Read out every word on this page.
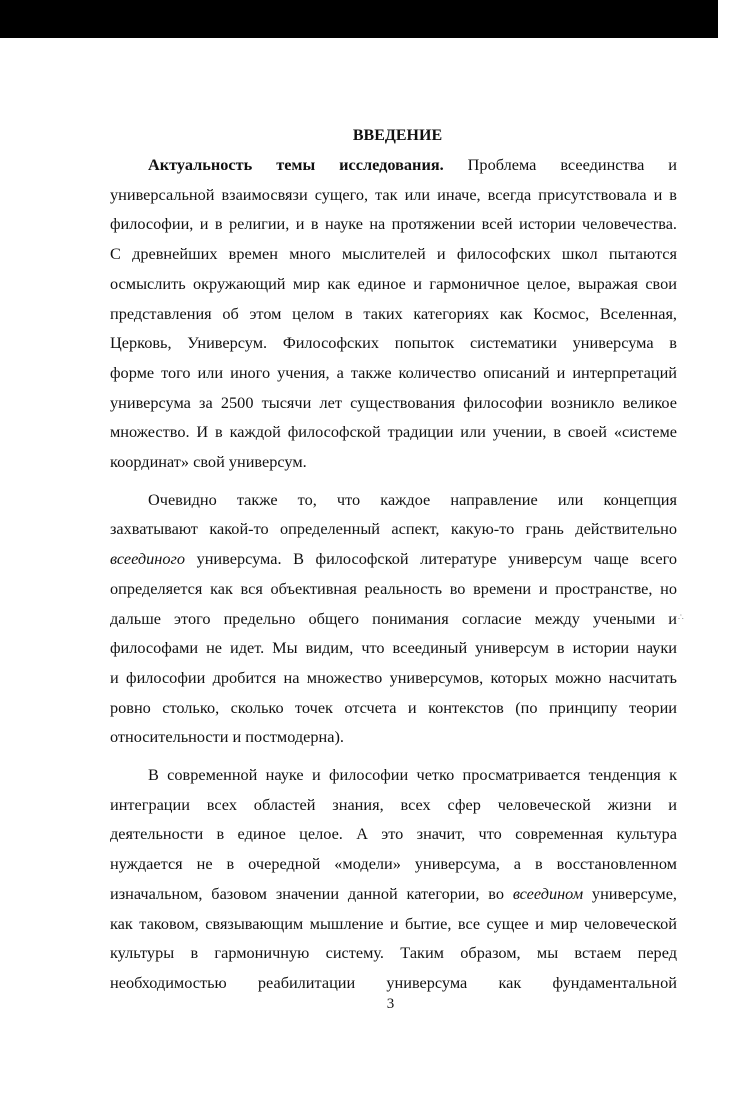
ВВЕДЕНИЕ

Актуальность темы исследования. Проблема всеединства и
универсальной взаимосвязи сущего, так или иначе, всегда присутствовала и в
философии, и в религии, и в науке на протяжении всей истории человечества.
С древнейших времен много мыслителей и философских школ пытаются
осмыслить окружающий мир как единое и гармоничное целое, выражая свои
представления об этом целом в таких категориях как Космос, Вселенная,
Церковь, Универсум. Философских попыток систематики универсума в
форме того или иного учения, а также количество описаний и интерпретаций
универсума за 2500 тысячи лет существования философии возникло великое
множество. И в каждой философской традиции или учении, в своей «системе
координат» свой универсум.

Очевидно также то, что каждое направление или концепция
захватывают какой-то определенный аспект, какую-то грань действительно
всеединого универсума. В философской литературе универсум чаще всего
определяется как вся объективная реальность во времени и пространстве, но
дальше этого предельно общего понимания согласие между учеными и
философами не идет. Мы видим, что всеединый универсум в истории науки
и философии дробится на множество универсумов, которых можно насчитать
ровно столько, сколько точек отсчета и контекстов (по принципу теории
относительности и постмодерна).

В современной науке и философии четко просматривается тенденция к
интеграции всех областей знания, всех сфер человеческой жизни и
деятельности в единое целое. А это значит, что современная культура
нуждается не в очередной «модели» универсума, а в восстановленном
изначальном, базовом значении данной категории, во всеедином универсуме,
как таковом, связывающим мышление и бытие, все сущее и мир человеческой
культуры в гармоничную систему. Таким образом, мы встаем перед
необходимостью реабилитации универсума как фундаментальной

∴
3
